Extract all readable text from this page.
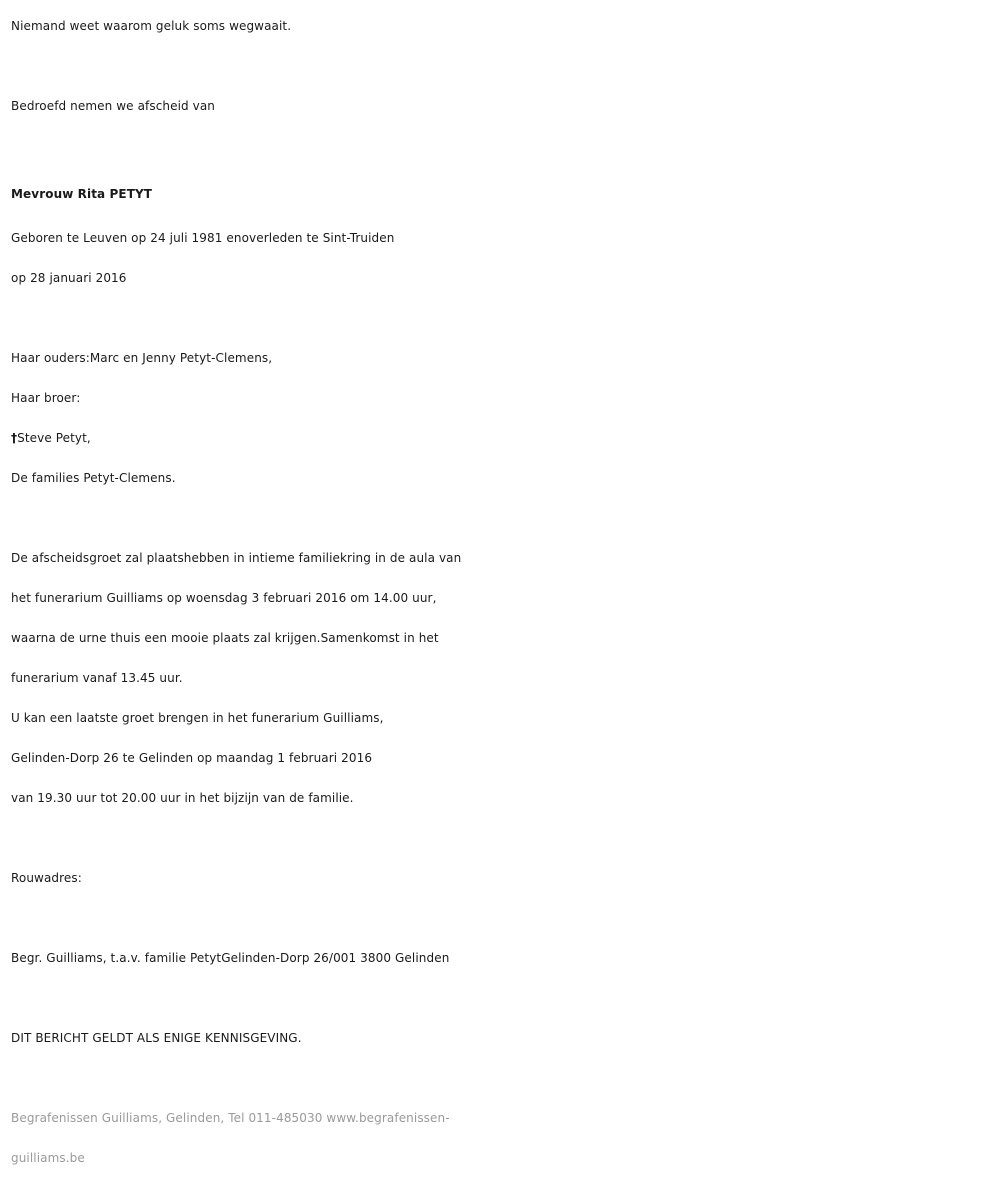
Niemand weet waarom geluk soms wegwaait.

Bedroefd nemen we afscheid van

Mevrouw Rita PETYT

Geboren te Leuven op 24 juli 1981 enoverleden te Sint-Truiden

op 28 januari 2016

Haar ouders:Marc en Jenny Petyt-Clemens,

Haar broer:

†Steve Petyt,

De families Petyt-Clemens.

De afscheidsgroet zal plaatshebben in intieme familiekring in de aula van

het funerarium Guilliams op woensdag 3 februari 2016 om 14.00 uur,

waarna de urne thuis een mooie plaats zal krijgen.Samenkomst in het

funerarium vanaf 13.45 uur.

U kan een laatste groet brengen in het funerarium Guilliams,

Gelinden-Dorp 26 te Gelinden op maandag 1 februari 2016

van 19.30 uur tot 20.00 uur in het bijzijn van de familie.

Rouwadres:

Begr. Guilliams, t.a.v. familie PetytGelinden-Dorp 26/001 3800 Gelinden

DIT BERICHT GELDT ALS ENIGE KENNISGEVING.

Begrafenissen Guilliams, Gelinden, Tel 011-485030 www.begrafenissen-

guilliams.be
